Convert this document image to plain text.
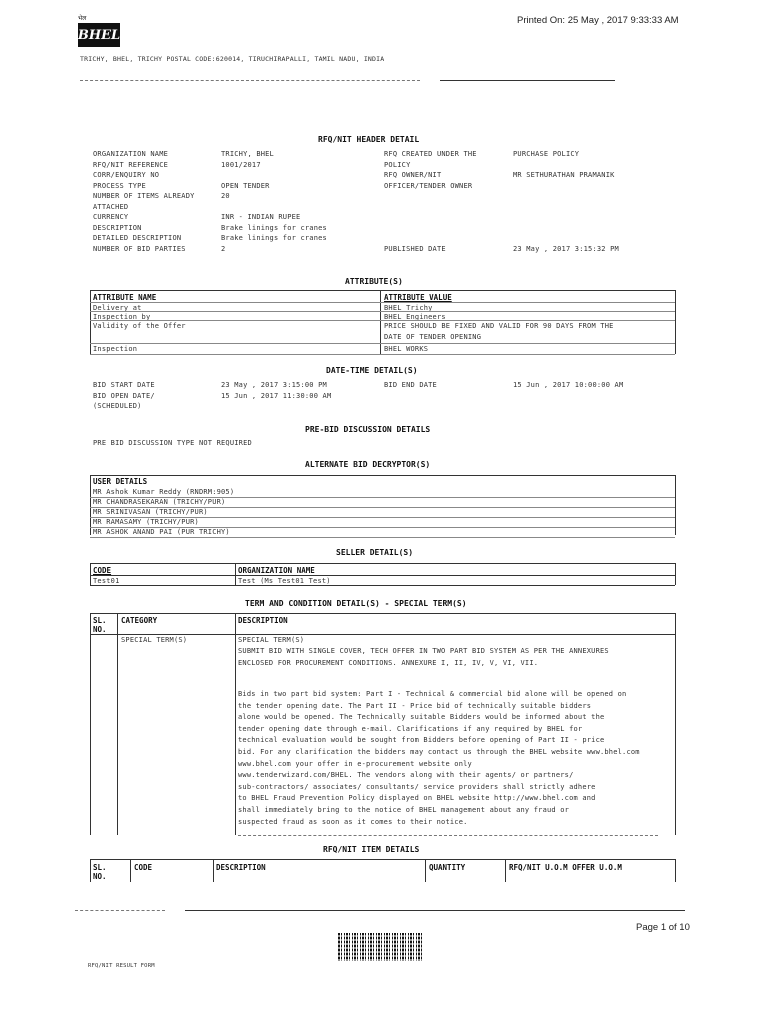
भेल
BHEL
Printed On: 25 May , 2017 9:33:33 AM
TRICHY, BHEL, TRICHY POSTAL CODE:620014, TIRUCHIRAPALLI, TAMIL NADU, INDIA
RFQ/NIT HEADER DETAIL
ORGANIZATION NAME	TRICHY, BHEL
RFQ/NIT REFERENCE	1001/2017
CORR/ENQUIRY NO
PROCESS TYPE	OPEN TENDER
NUMBER OF ITEMS ALREADY	20
ATTACHED
CURRENCY	INR - INDIAN RUPEE
DESCRIPTION	Brake linings for cranes
DETAILED DESCRIPTION	Brake linings for cranes
NUMBER OF BID PARTIES	2
RFQ CREATED UNDER THE	PURCHASE POLICY
POLICY
RFQ OWNER/NIT	MR SETHURATHAN PRAMANIK
OFFICER/TENDER OWNER
PUBLISHED DATE	23 May , 2017 3:15:32 PM
ATTRIBUTE(S)
ATTRIBUTE NAME	ATTRIBUTE VALUE
Delivery at	BHEL Trichy
Inspection by	BHEL Engineers
Validity of the Offer	PRICE SHOULD BE FIXED AND VALID FOR 90 DAYS FROM THE
DATE OF TENDER OPENING
Inspection	BHEL WORKS
DATE-TIME DETAIL(S)
BID START DATE	23 May , 2017 3:15:00 PM	BID END DATE	15 Jun , 2017 10:00:00 AM
BID OPEN DATE/	15 Jun , 2017 11:30:00 AM
(SCHEDULED)
PRE-BID DISCUSSION DETAILS
PRE BID DISCUSSION TYPE NOT REQUIRED
ALTERNATE BID DECRYPTOR(S)
USER DETAILS
MR Ashok Kumar Reddy (RNDRM:905)
MR CHANDRASEKARAN (TRICHY/PUR)
MR SRINIVASAN (TRICHY/PUR)
MR RAMASAMY (TRICHY/PUR)
MR ASHOK ANAND PAI (PUR TRICHY)
SELLER DETAIL(S)
CODE	ORGANIZATION NAME
Test01	Test (Ms Test01 Test)
TERM AND CONDITION DETAIL(S) - SPECIAL TERM(S)
SL.
NO.
CATEGORY	DESCRIPTION
SPECIAL TERM(S)	SPECIAL TERM(S)

SUBMIT BID WITH SINGLE COVER, TECH OFFER IN TWO PART BID SYSTEM AS PER THE ANNEXURES

ENCLOSED FOR PROCUREMENT CONDITIONS. ANNEXURE I, II, IV, V, VI, VII.

Bids in two part bid system: Part I - Technical & commercial bid alone will be opened on

the tender opening date. The Part II - Price bid of technically suitable bidders

alone would be opened. The Technically suitable Bidders would be informed about the

tender opening date through e-mail. Clarifications if any required by BHEL for

technical evaluation would be sought from Bidders before opening of Part II - price

bid. For any clarification the bidders may contact us through the BHEL website www.bhel.com

www.bhel.com your offer in e-procurement website only

www.tenderwizard.com/BHEL. The vendors along with their agents/ or partners/

sub-contractors/ associates/ consultants/ service providers shall strictly adhere

to BHEL Fraud Prevention Policy displayed on BHEL website http://www.bhel.com and

shall immediately bring to the notice of BHEL management about any fraud or

suspected fraud as soon as it comes to their notice.

RFQ/NIT ITEM DETAILS
SL.
NO.
CODE	DESCRIPTION	QUANTITY	RFQ/NIT U.O.M OFFER U.O.M
Page 1 of 10
RFQ/NIT RESULT FORM
